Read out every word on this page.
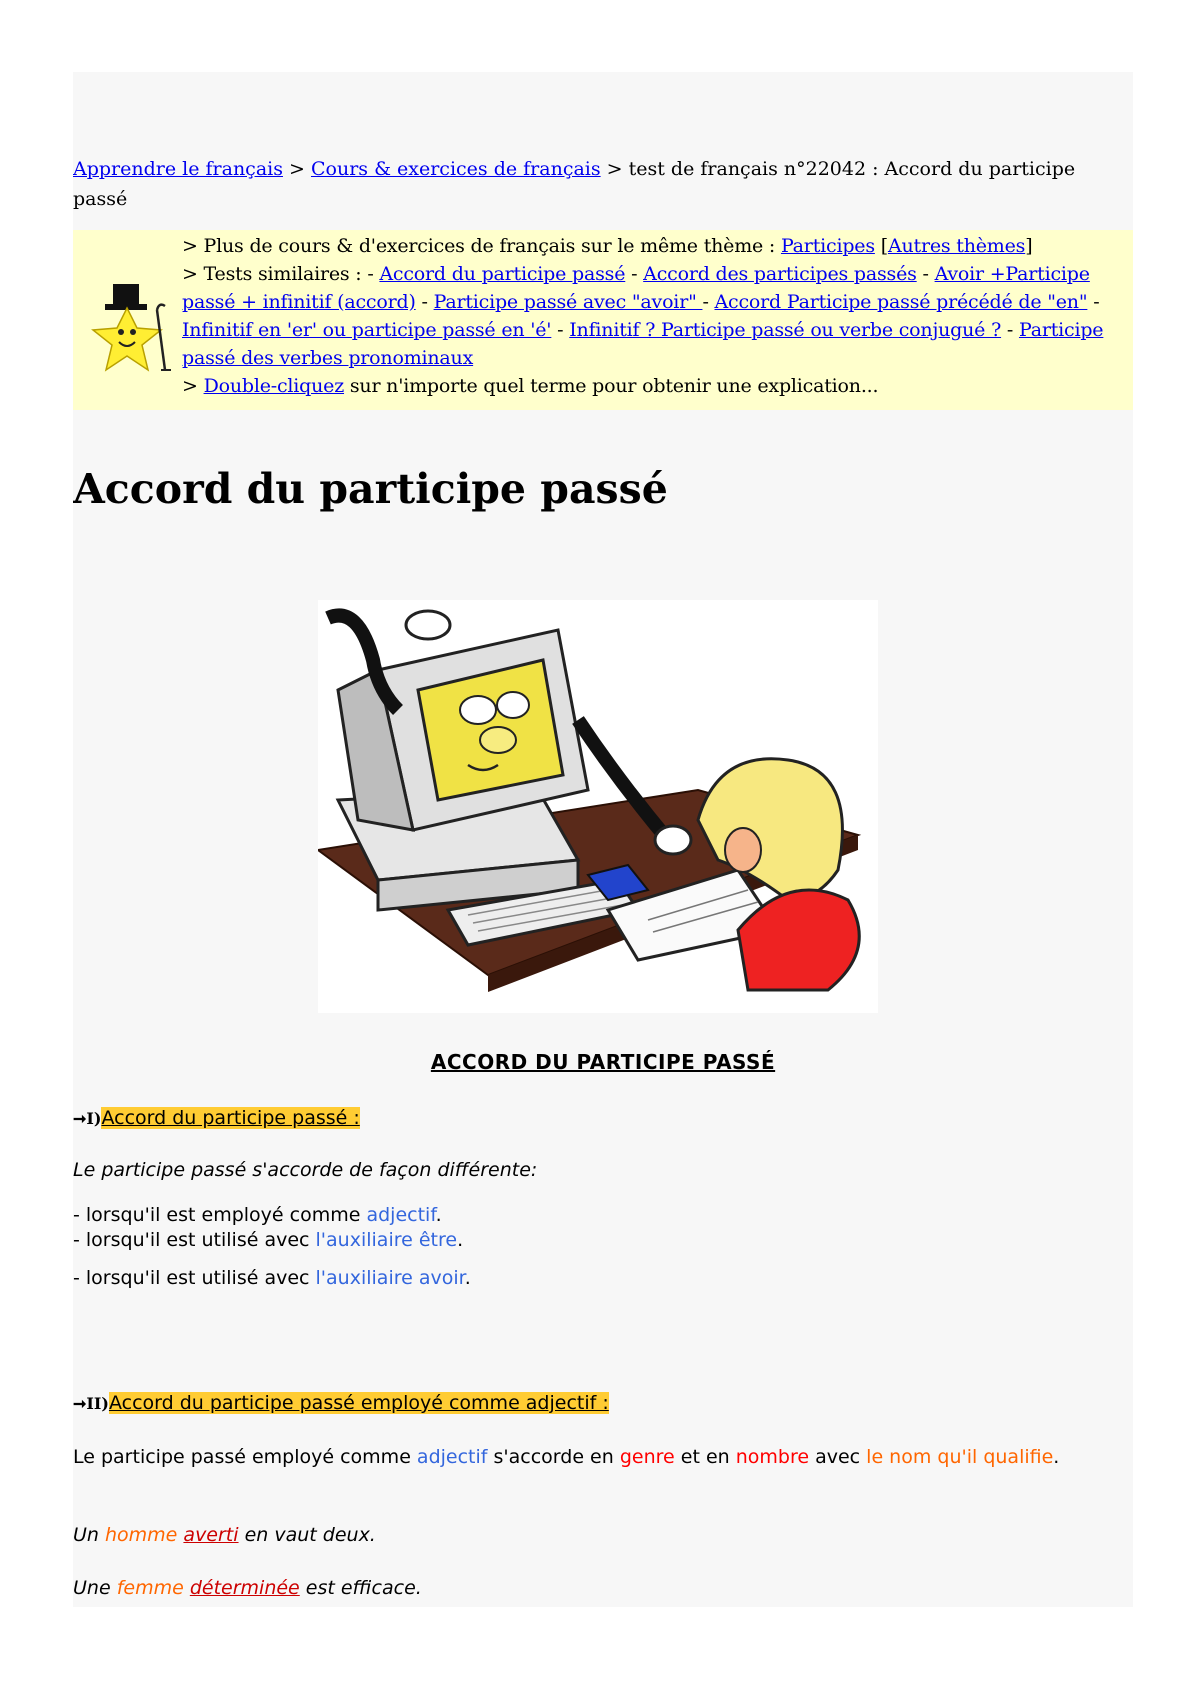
Apprendre le français > Cours & exercices de français > test de français n°22042 : Accord du participe passé

> Plus de cours & d'exercices de français sur le même thème : Participes [Autres thèmes]

> Tests similaires : - Accord du participe passé - Accord des participes passés - Avoir +Participe passé + infinitif (accord) - Participe passé avec "avoir" - Accord Participe passé précédé de "en" - Infinitif en 'er' ou participe passé en 'é' - Infinitif ? Participe passé ou verbe conjugué ? - Participe passé des verbes pronominaux

> Double-cliquez sur n'importe quel terme pour obtenir une explication...

Accord du participe passé
ACCORD DU PARTICIPE PASSÉ
➞I)Accord du participe passé :
Le participe passé s'accorde de façon différente:
- lorsqu'il est employé comme adjectif.
- lorsqu'il est utilisé avec l'auxiliaire être.
- lorsqu'il est utilisé avec l'auxiliaire avoir.
➞II)Accord du participe passé employé comme adjectif :
Le participe passé employé comme adjectif s'accorde en genre et en nombre avec le nom qu'il qualifie.
Un homme averti en vaut deux.
Une femme déterminée est efficace.
